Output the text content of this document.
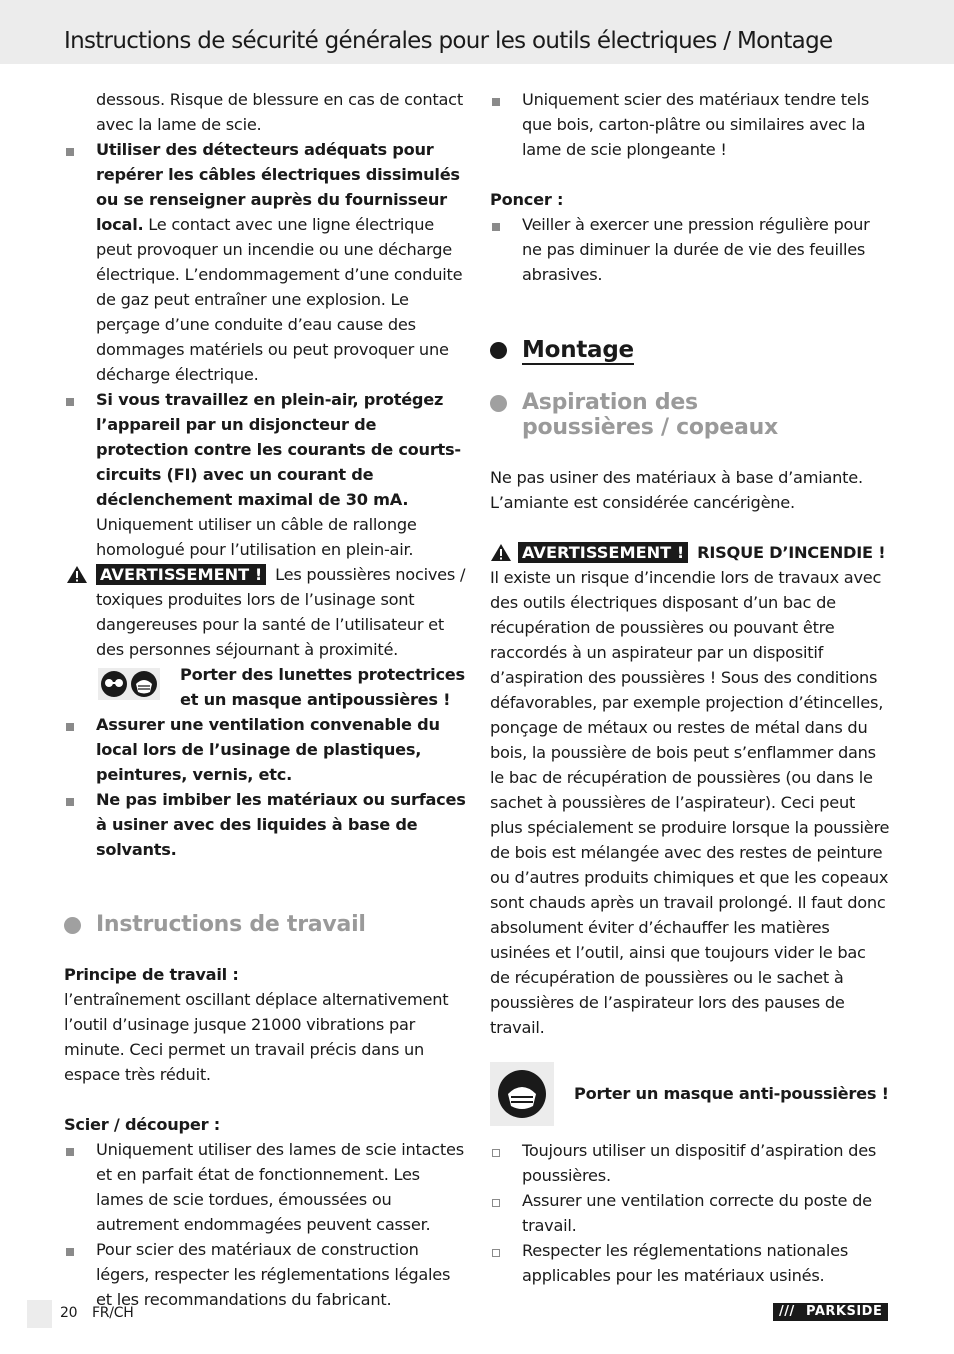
Instructions de sécurité générales pour les outils électriques / Montage
dessous. Risque de blessure en cas de contact avec la lame de scie.
Utiliser des détecteurs adéquats pour repérer les câbles électriques dissimulés ou se renseigner auprès du fournisseur local. Le contact avec une ligne électrique peut provoquer un incendie ou une décharge électrique. L’endommagement d’une conduite de gaz peut entraîner une explosion. Le perçage d’une conduite d’eau cause des dommages matériels ou peut provoquer une décharge électrique.
Si vous travaillez en plein-air, protégez l’appareil par un disjoncteur de protection contre les courants de courts-circuits (FI) avec un courant de déclenchement maximal de 30 mA. Uniquement utiliser un câble de rallonge homologué pour l’utilisation en plein-air.
AVERTISSEMENT ! Les poussières nocives / toxiques produites lors de l’usinage sont dangereuses pour la santé de l’utilisateur et des personnes séjournant à proximité.
Porter des lunettes protectrices et un masque antipoussières !
Assurer une ventilation convenable du local lors de l’usinage de plastiques, peintures, vernis, etc.
Ne pas imbiber les matériaux ou surfaces à usiner avec des liquides à base de solvants.
Instructions de travail
Principe de travail :
l’entraînement oscillant déplace alternativement l’outil d’usinage jusque 21000 vibrations par minute. Ceci permet un travail précis dans un espace très réduit.
Scier / découper :
Uniquement utiliser des lames de scie intactes et en parfait état de fonctionnement. Les lames de scie tordues, émoussées ou autrement endommagées peuvent casser.
Pour scier des matériaux de construction légers, respecter les réglementations légales et les recommandations du fabricant.
Uniquement scier des matériaux tendre tels que bois, carton-plâtre ou similaires avec la lame de scie plongeante !
Poncer :
Veiller à exercer une pression régulière pour ne pas diminuer la durée de vie des feuilles abrasives.
Montage
Aspiration des
poussières / copeaux
Ne pas usiner des matériaux à base d’amiante. L’amiante est considérée cancérigène.
AVERTISSEMENT ! RISQUE D’INCENDIE ! Il existe un risque d’incendie lors de travaux avec des outils électriques disposant d’un bac de récupération de poussières ou pouvant être raccordés à un aspirateur par un dispositif d’aspiration des poussières ! Sous des conditions défavorables, par exemple projection d’étincelles, ponçage de métaux ou restes de métal dans du bois, la poussière de bois peut s’enflammer dans le bac de récupération de poussières (ou dans le sachet à poussières de l’aspirateur). Ceci peut plus spécialement se produire lorsque la poussière de bois est mélangée avec des restes de peinture ou d’autres produits chimiques et que les copeaux sont chauds après un travail prolongé. Il faut donc absolument éviter d’échauffer les matières usinées et l’outil, ainsi que toujours vider le bac de récupération de poussières ou le sachet à poussières de l’aspirateur lors des pauses de travail.
Porter un masque anti-poussières !
Toujours utiliser un dispositif d’aspiration des poussières.
Assurer une ventilation correcte du poste de travail.
Respecter les réglementations nationales applicables pour les matériaux usinés.
20 FR/CH	/// PARKSIDE
